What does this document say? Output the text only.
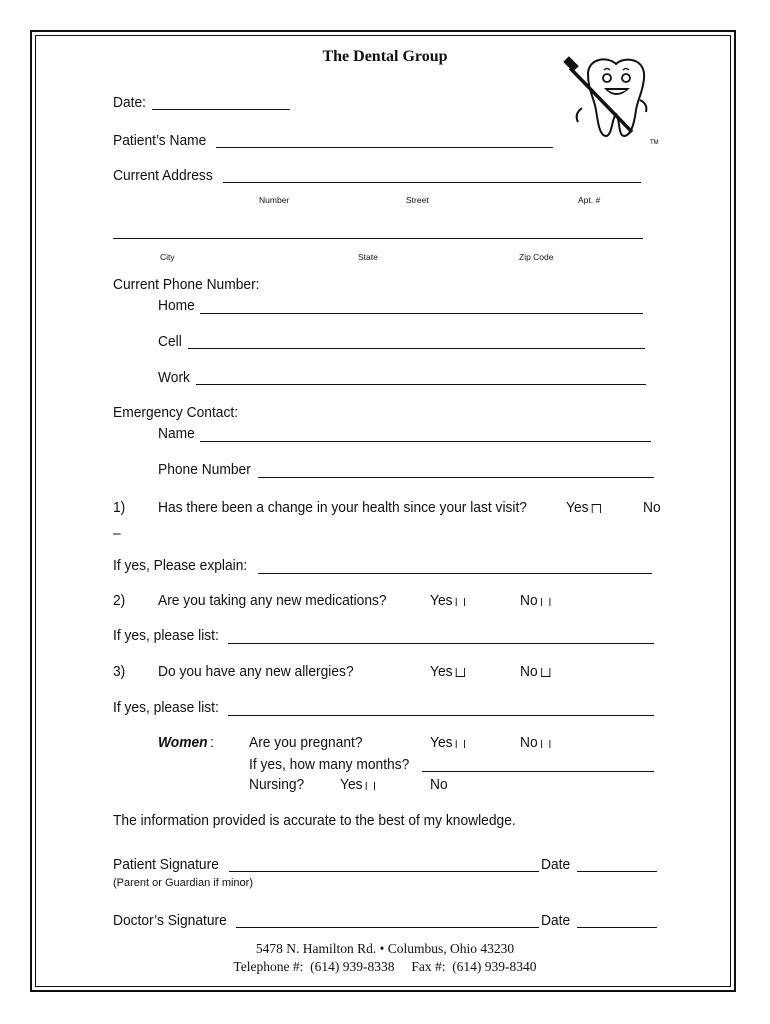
The Dental Group
TM
Date:
Patient’s Name
Current Address
Number	Street	Apt. #
City	State	Zip Code
Current Phone Number:
Home
Cell
Work
Emergency Contact:
Name
Phone Number
1) Has there been a change in your health since your last visit?	Yes	No
–
If yes, Please explain:
2) Are you taking any new medications?	Yes	No
If yes, please list:
3) Do you have any new allergies?	Yes	No
If yes, please list:
Women : Are you pregnant?	Yes	No
If yes, how many months?
Nursing? Yes	No
The information provided is accurate to the best of my knowledge.
Patient Signature	Date
(Parent or Guardian if minor)
Doctor’s Signature	Date
5478 N. Hamilton Rd. • Columbus, Ohio 43230
Telephone #:  (614) 939-8338     Fax #:  (614) 939-8340
